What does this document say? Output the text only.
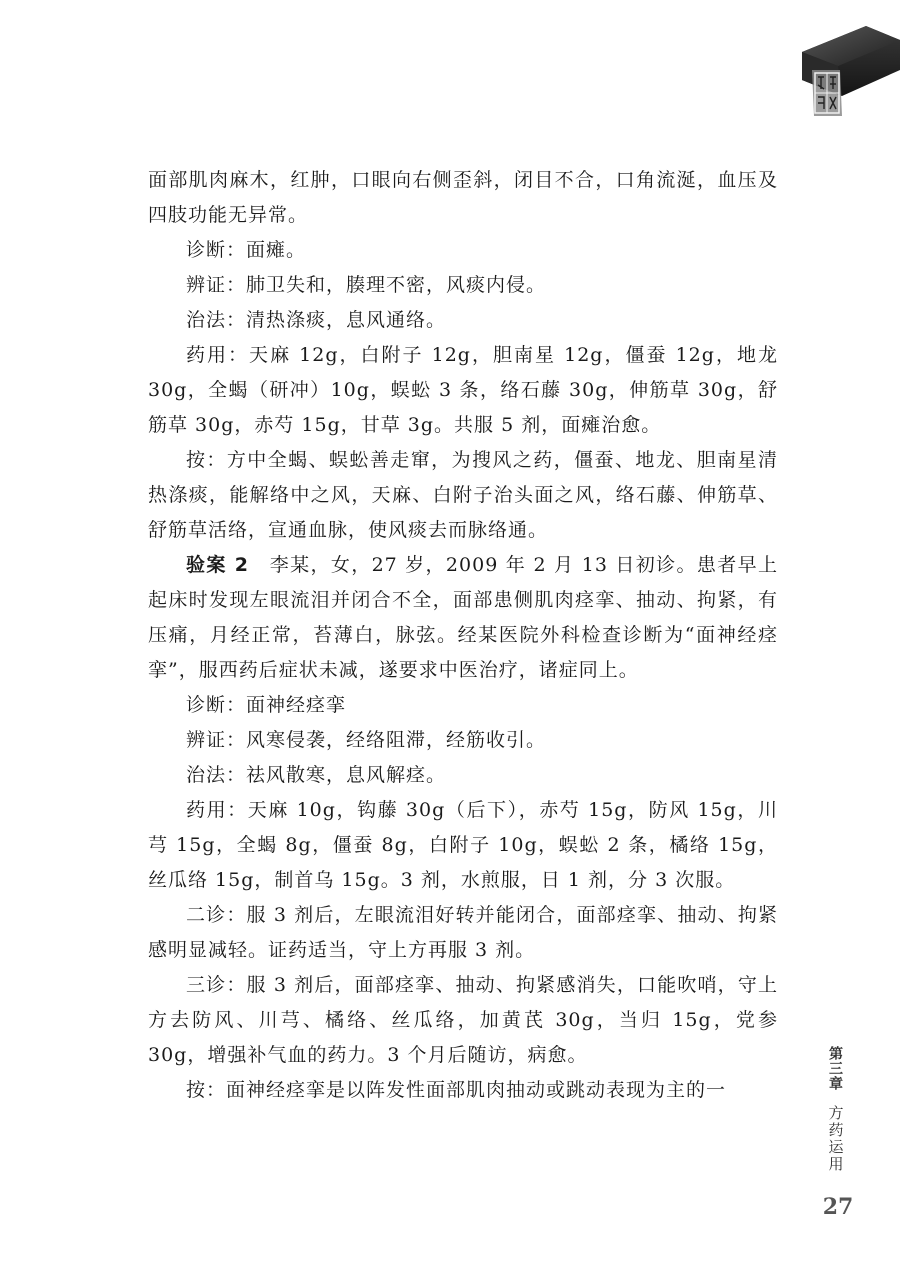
面部肌肉麻木，红肿，口眼向右侧歪斜，闭目不合，口角流涎，血压及四肢功能无异常。

诊断：面瘫。

辨证：肺卫失和，腠理不密，风痰内侵。

治法：清热涤痰，息风通络。

药用：天麻 12g，白附子 12g，胆南星 12g，僵蚕 12g，地龙 30g，全蝎（研冲）10g，蜈蚣 3 条，络石藤 30g，伸筋草 30g，舒筋草 30g，赤芍 15g，甘草 3g。共服 5 剂，面瘫治愈。

按：方中全蝎、蜈蚣善走窜，为搜风之药，僵蚕、地龙、胆南星清热涤痰，能解络中之风，天麻、白附子治头面之风，络石藤、伸筋草、舒筋草活络，宣通血脉，使风痰去而脉络通。

验案 2　李某，女，27 岁，2009 年 2 月 13 日初诊。患者早上起床时发现左眼流泪并闭合不全，面部患侧肌肉痉挛、抽动、拘紧，有压痛，月经正常，苔薄白，脉弦。经某医院外科检查诊断为“面神经痉挛”，服西药后症状未减，遂要求中医治疗，诸症同上。

诊断：面神经痉挛

辨证：风寒侵袭，经络阻滞，经筋收引。

治法：祛风散寒，息风解痉。

药用：天麻 10g，钩藤 30g（后下），赤芍 15g，防风 15g，川芎 15g，全蝎 8g，僵蚕 8g，白附子 10g，蜈蚣 2 条，橘络 15g，丝瓜络 15g，制首乌 15g。3 剂，水煎服，日 1 剂，分 3 次服。

二诊：服 3 剂后，左眼流泪好转并能闭合，面部痉挛、抽动、拘紧感明显减轻。证药适当，守上方再服 3 剂。

三诊：服 3 剂后，面部痉挛、抽动、拘紧感消失，口能吹哨，守上方去防风、川芎、橘络、丝瓜络，加黄芪 30g，当归 15g，党参 30g，增强补气血的药力。3 个月后随访，病愈。

按：面神经痉挛是以阵发性面部肌肉抽动或跳动表现为主的一	第三章
方药运用
27
